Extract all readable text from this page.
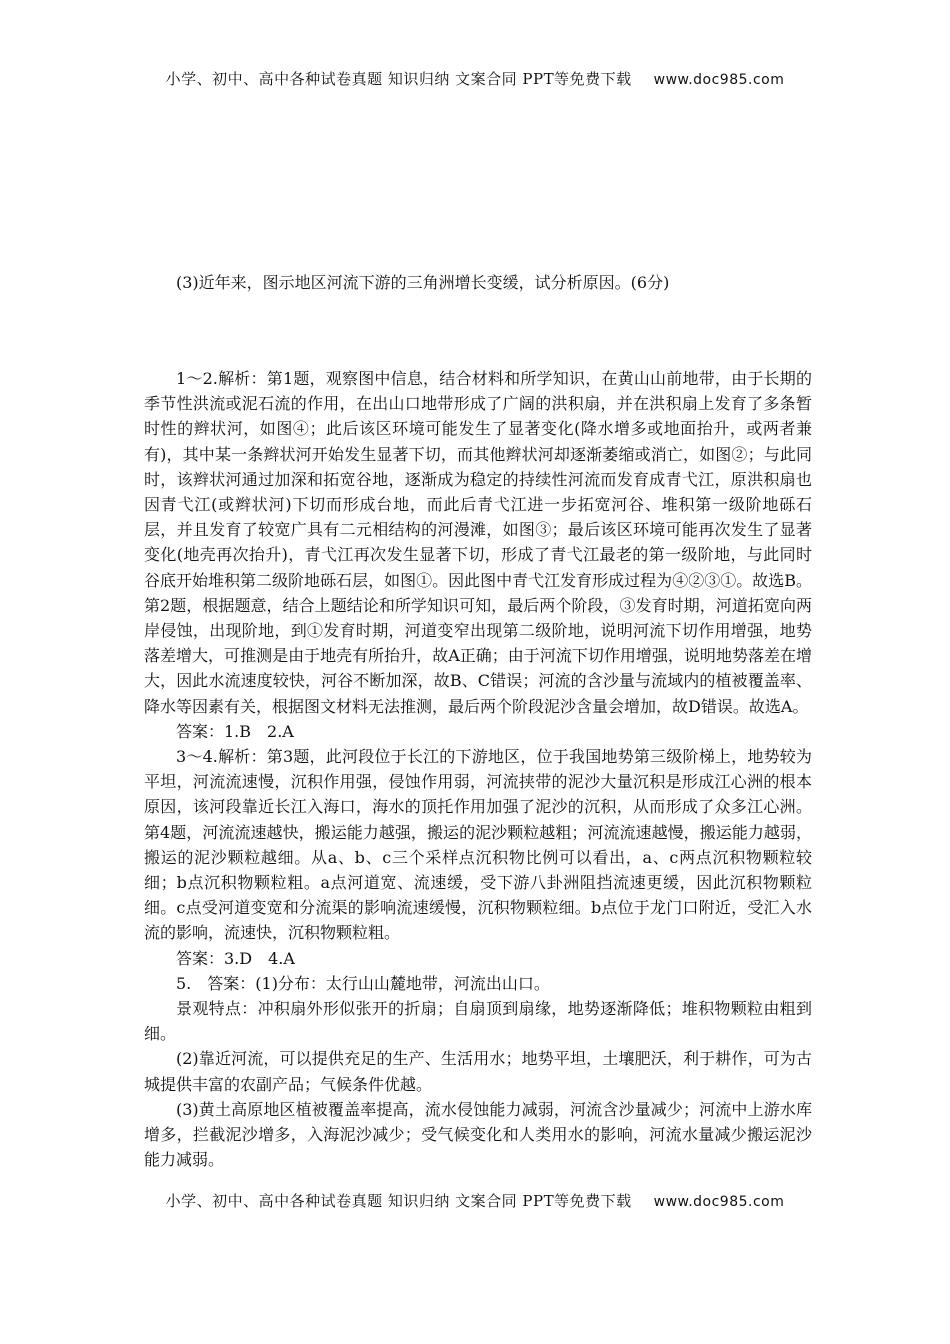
小学、初中、高中各种试卷真题 知识归纳 文案合同 PPT等免费下载 www.doc985.com
(3)近年来，图示地区河流下游的三角洲增长变缓，试分析原因。(6分)

1～2.解析：第1题，观察图中信息，结合材料和所学知识，在黄山山前地带，由于长期的季节性洪流或泥石流的作用，在出山口地带形成了广阔的洪积扇，并在洪积扇上发育了多条暂时性的辫状河，如图④；此后该区环境可能发生了显著变化(降水增多或地面抬升，或两者兼有)，其中某一条辫状河开始发生显著下切，而其他辫状河却逐渐萎缩或消亡，如图②；与此同时，该辫状河通过加深和拓宽谷地，逐渐成为稳定的持续性河流而发育成青弋江，原洪积扇也因青弋江(或辫状河)下切而形成台地，而此后青弋江进一步拓宽河谷、堆积第一级阶地砾石层，并且发育了较宽广具有二元相结构的河漫滩，如图③；最后该区环境可能再次发生了显著变化(地壳再次抬升)，青弋江再次发生显著下切，形成了青弋江最老的第一级阶地，与此同时谷底开始堆积第二级阶地砾石层，如图①。因此图中青弋江发育形成过程为④②③①。故选B。第2题，根据题意，结合上题结论和所学知识可知，最后两个阶段，③发育时期，河道拓宽向两岸侵蚀，出现阶地，到①发育时期，河道变窄出现第二级阶地，说明河流下切作用增强，地势落差增大，可推测是由于地壳有所抬升，故A正确；由于河流下切作用增强，说明地势落差在增大，因此水流速度较快，河谷不断加深，故B、C错误；河流的含沙量与流域内的植被覆盖率、降水等因素有关，根据图文材料无法推测，最后两个阶段泥沙含量会增加，故D错误。故选A。

答案：1.B　2.A

3～4.解析：第3题，此河段位于长江的下游地区，位于我国地势第三级阶梯上，地势较为平坦，河流流速慢，沉积作用强，侵蚀作用弱，河流挟带的泥沙大量沉积是形成江心洲的根本原因，该河段靠近长江入海口，海水的顶托作用加强了泥沙的沉积，从而形成了众多江心洲。第4题，河流流速越快，搬运能力越强，搬运的泥沙颗粒越粗；河流流速越慢，搬运能力越弱，搬运的泥沙颗粒越细。从a、b、c三个采样点沉积物比例可以看出，a、c两点沉积物颗粒较细；b点沉积物颗粒粗。a点河道宽、流速缓，受下游八卦洲阻挡流速更缓，因此沉积物颗粒细。c点受河道变宽和分流渠的影响流速缓慢，沉积物颗粒细。b点位于龙门口附近，受汇入水流的影响，流速快，沉积物颗粒粗。

答案：3.D　4.A

5.　答案：(1)分布：太行山山麓地带，河流出山口。

景观特点：冲积扇外形似张开的折扇；自扇顶到扇缘，地势逐渐降低；堆积物颗粒由粗到细。

(2)靠近河流，可以提供充足的生产、生活用水；地势平坦，土壤肥沃，利于耕作，可为古城提供丰富的农副产品；气候条件优越。

(3)黄土高原地区植被覆盖率提高，流水侵蚀能力减弱，河流含沙量减少；河流中上游水库增多，拦截泥沙增多，入海泥沙减少；受气候变化和人类用水的影响，河流水量减少搬运泥沙能力减弱。

小学、初中、高中各种试卷真题 知识归纳 文案合同 PPT等免费下载 www.doc985.com
